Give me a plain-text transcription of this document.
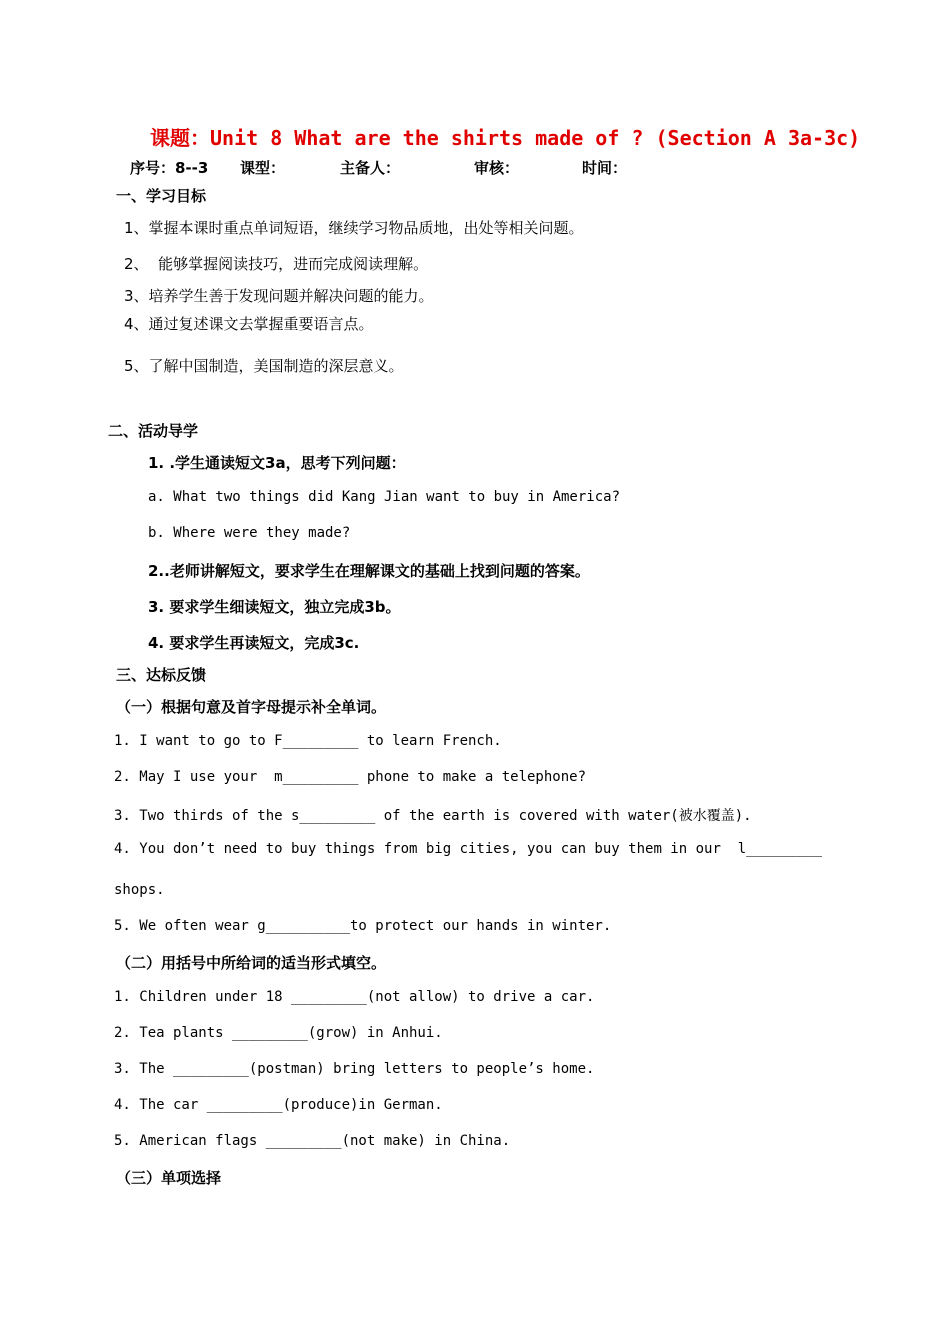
课题：Unit 8 What are the shirts made of ? (Section A 3a-3c)
序号：8--3 课型：	主备人：	审核：	时间：
一、学习目标
1、掌握本课时重点单词短语，继续学习物品质地，出处等相关问题。
2、  能够掌握阅读技巧，进而完成阅读理解。
3、培养学生善于发现问题并解决问题的能力。
4、通过复述课文去掌握重要语言点。
5、了解中国制造，美国制造的深层意义。
二、活动导学
1. .学生通读短文3a，思考下列问题：
a. What two things did Kang Jian want to buy in America?
b. Where were they made?
2..老师讲解短文，要求学生在理解课文的基础上找到问题的答案。
3. 要求学生细读短文，独立完成3b。
4. 要求学生再读短文，完成3c.
三、达标反馈
（一）根据句意及首字母提示补全单词。
1. I want to go to F_________ to learn French.
2. May I use your  m_________ phone to make a telephone?
3. Two thirds of the s_________ of the earth is covered with water(被水覆盖).
4. You don’t need to buy things from big cities, you can buy them in our  l_________
shops.
5. We often wear g__________to protect our hands in winter.
（二）用括号中所给词的适当形式填空。
1. Children under 18 _________(not allow) to drive a car.
2. Tea plants _________(grow) in Anhui.
3. The _________(postman) bring letters to people’s home.
4. The car _________(produce)in German.
5. American flags _________(not make) in China.
（三）单项选择
